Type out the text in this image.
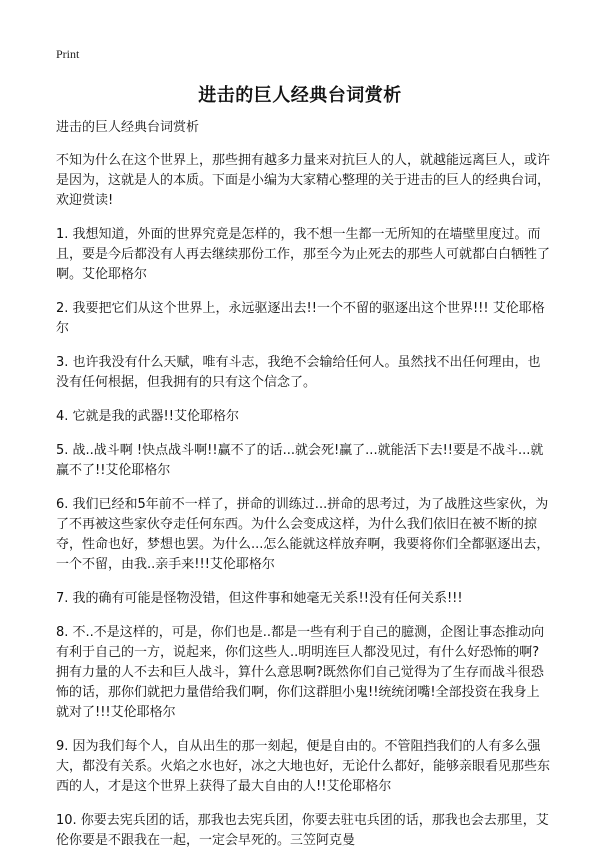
Print
进击的巨人经典台词赏析

进击的巨人经典台词赏析

不知为什么在这个世界上，那些拥有越多力量来对抗巨人的人，就越能远离巨人，或许是因为，这就是人的本质。下面是小编为大家精心整理的关于进击的巨人的经典台词，欢迎赏读!

1. 我想知道，外面的世界究竟是怎样的，我不想一生都一无所知的在墙壁里度过。而且，要是今后都没有人再去继续那份工作，那至今为止死去的那些人可就都白白牺牲了啊。艾伦耶格尔

2. 我要把它们从这个世界上，永远驱逐出去!!一个不留的驱逐出这个世界!!! 艾伦耶格尔

3. 也许我没有什么天赋，唯有斗志，我绝不会输给任何人。虽然找不出任何理由，也没有任何根据，但我拥有的只有这个信念了。

4. 它就是我的武器!!艾伦耶格尔

5. 战..战斗啊 !快点战斗啊!!赢不了的话...就会死!赢了...就能活下去!!要是不战斗...就赢不了!!艾伦耶格尔

6. 我们已经和5年前不一样了，拼命的训练过...拼命的思考过，为了战胜这些家伙，为了不再被这些家伙夺走任何东西。为什么会变成这样，为什么我们依旧在被不断的掠夺，性命也好，梦想也罢。为什么...怎么能就这样放弃啊，我要将你们全都驱逐出去，一个不留，由我..亲手来!!!艾伦耶格尔

7. 我的确有可能是怪物没错，但这件事和她毫无关系!!没有任何关系!!!

8. 不..不是这样的，可是，你们也是..都是一些有利于自己的臆测，企图让事态推动向有利于自己的一方，说起来，你们这些人..明明连巨人都没见过，有什么好恐怖的啊?拥有力量的人不去和巨人战斗，算什么意思啊?既然你们自己觉得为了生存而战斗很恐怖的话，那你们就把力量借给我们啊，你们这群胆小鬼!!统统闭嘴!全部投资在我身上就对了!!!艾伦耶格尔

9. 因为我们每个人，自从出生的那一刻起，便是自由的。不管阻挡我们的人有多么强大，都没有关系。火焰之水也好，冰之大地也好，无论什么都好，能够亲眼看见那些东西的人，才是这个世界上获得了最大自由的人!!艾伦耶格尔

10. 你要去宪兵团的话，那我也去宪兵团，你要去驻屯兵团的话，那我也会去那里，艾伦你要是不跟我在一起，一定会早死的。三笠阿克曼
